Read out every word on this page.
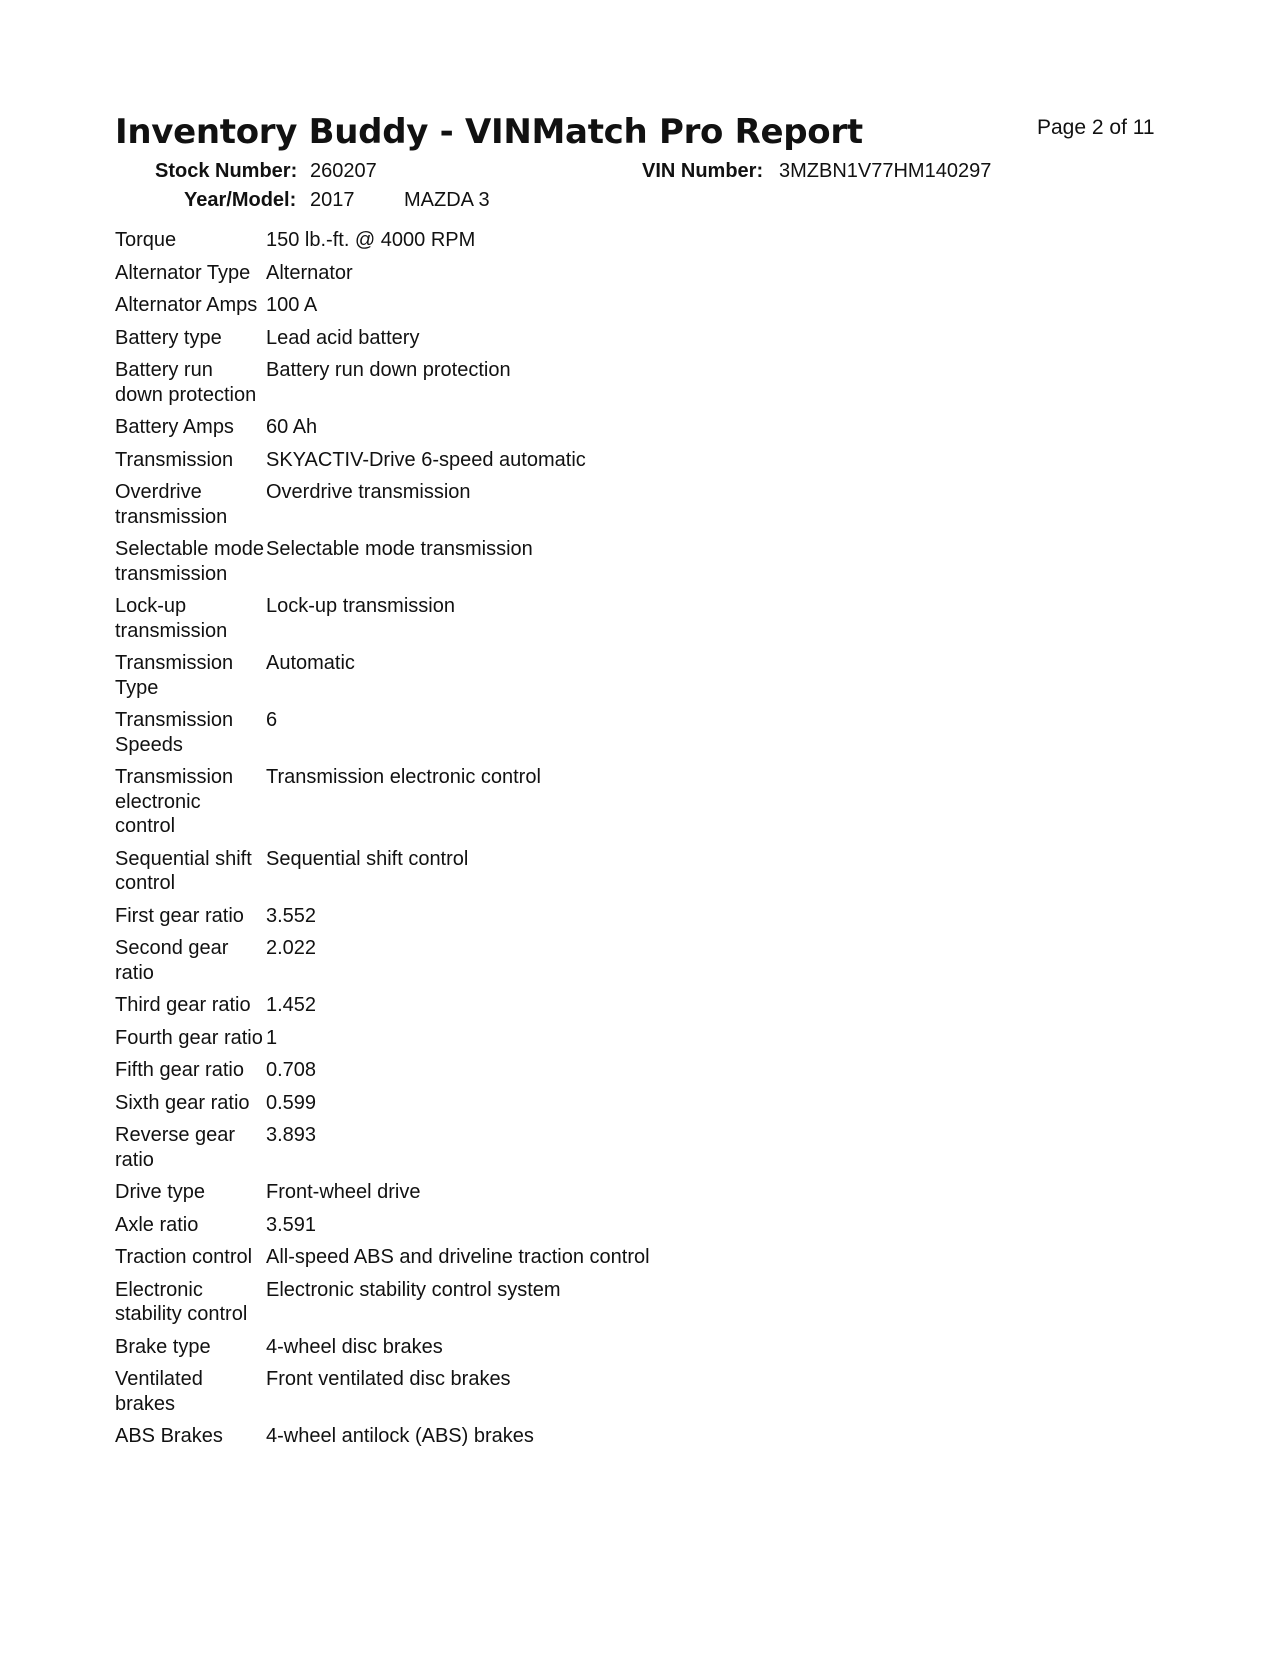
Inventory Buddy - VINMatch Pro Report	Page 2 of 11
Stock Number: 260207	VIN Number: 3MZBN1V77HM140297
Year/Model: 2017 MAZDA 3
Torque	150 lb.-ft. @ 4000 RPM
Alternator Type	Alternator
Alternator Amps	100 A
Battery type	Lead acid battery
Battery run down protection	Battery run down protection
Battery Amps	60 Ah
Transmission	SKYACTIV-Drive 6-speed automatic
Overdrive transmission	Overdrive transmission
Selectable mode transmission	Selectable mode transmission
Lock-up transmission	Lock-up transmission
Transmission Type	Automatic
Transmission Speeds	6
Transmission electronic control	Transmission electronic control
Sequential shift control	Sequential shift control
First gear ratio	3.552
Second gear ratio	2.022
Third gear ratio	1.452
Fourth gear ratio	1
Fifth gear ratio	0.708
Sixth gear ratio	0.599
Reverse gear ratio	3.893
Drive type	Front-wheel drive
Axle ratio	3.591
Traction control	All-speed ABS and driveline traction control
Electronic stability control	Electronic stability control system
Brake type	4-wheel disc brakes
Ventilated brakes	Front ventilated disc brakes
ABS Brakes	4-wheel antilock (ABS) brakes
